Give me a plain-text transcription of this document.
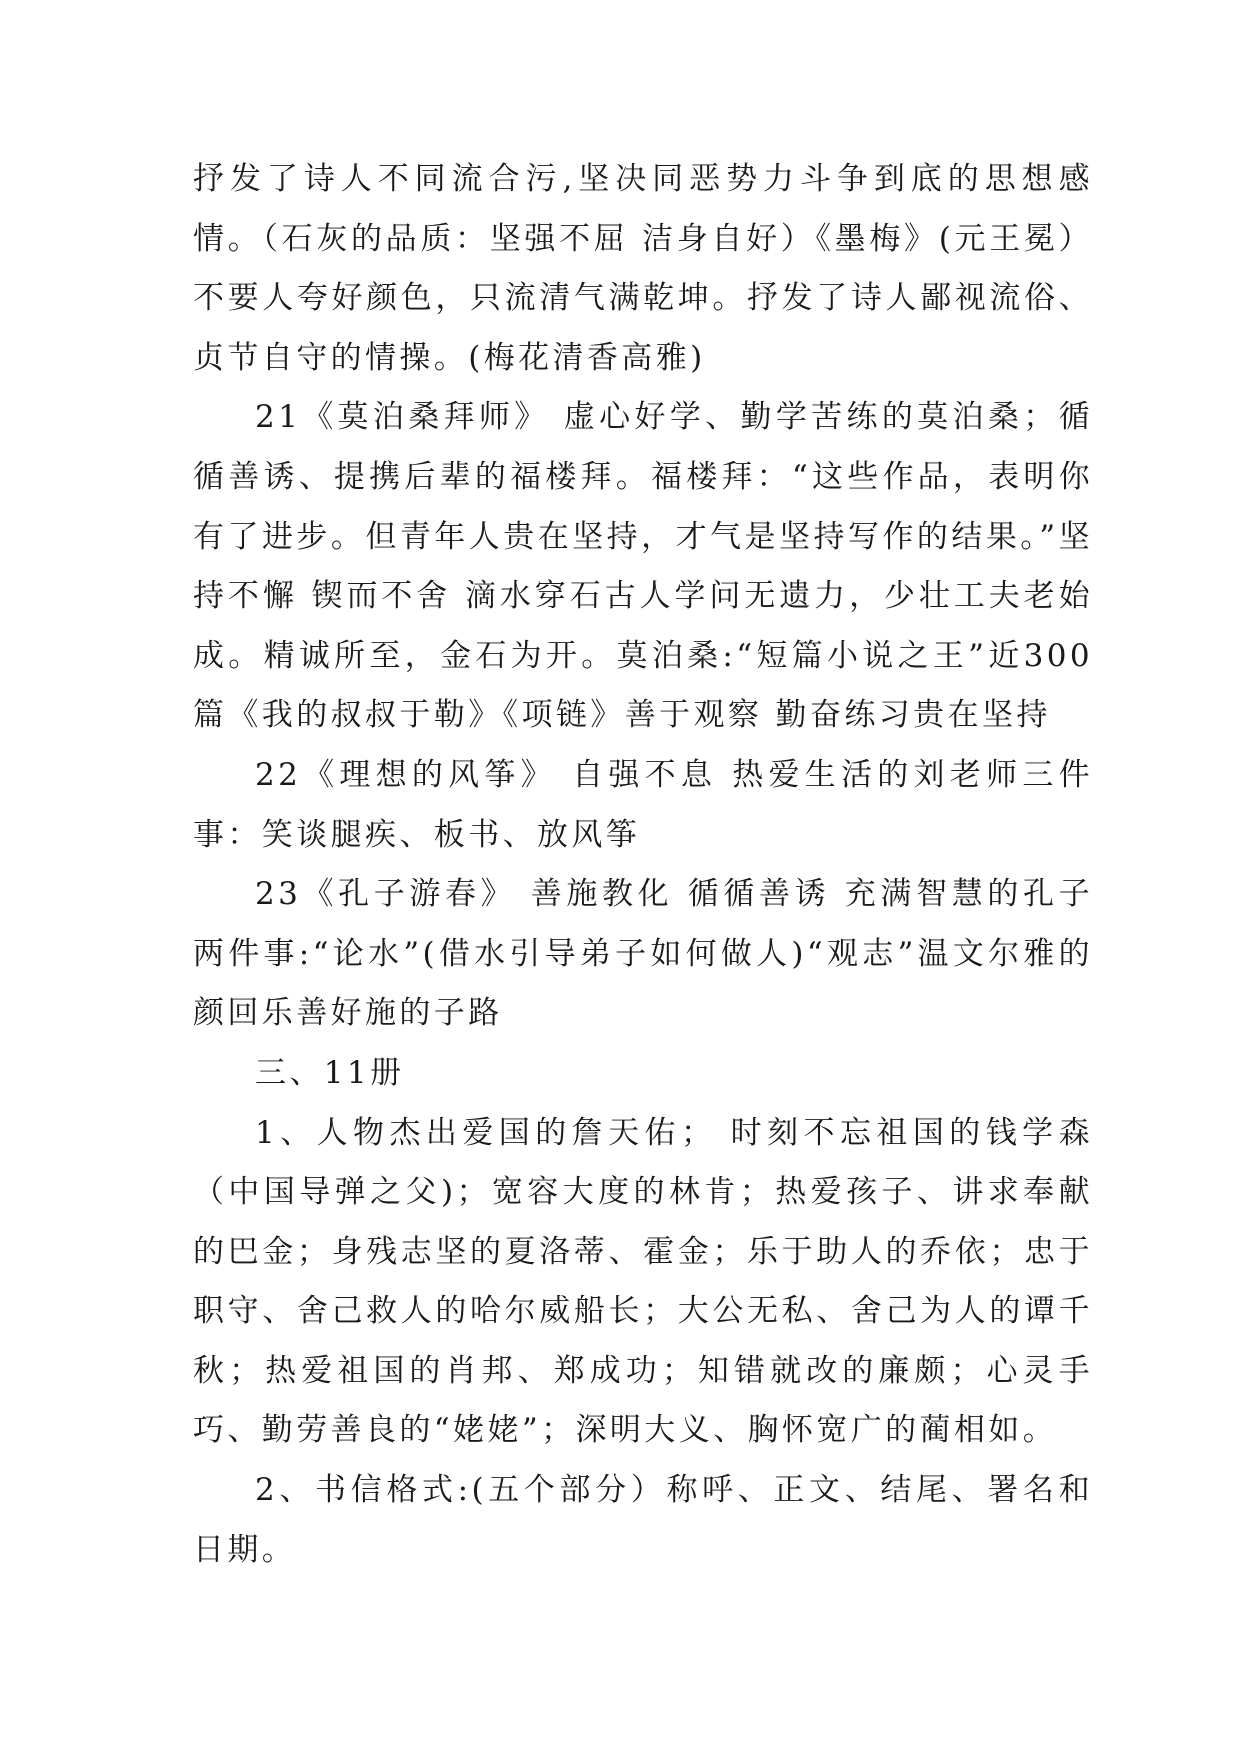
抒发了诗人不同流合污,坚决同恶势力斗争到底的思想感情。（石灰的品质：坚强不屈 洁身自好）《墨梅》(元王冕）不要人夸好颜色，只流清气满乾坤。抒发了诗人鄙视流俗、贞节自守的情操。(梅花清香高雅)

21《莫泊桑拜师》 虚心好学、勤学苦练的莫泊桑；循循善诱、提携后辈的福楼拜。福楼拜：“这些作品，表明你有了进步。但青年人贵在坚持，才气是坚持写作的结果。”坚持不懈 锲而不舍 滴水穿石古人学问无遗力，少壮工夫老始成。精诚所至，金石为开。莫泊桑:“短篇小说之王”近300篇《我的叔叔于勒》《项链》善于观察 勤奋练习贵在坚持

22《理想的风筝》 自强不息 热爱生活的刘老师三件事：笑谈腿疾、板书、放风筝

23《孔子游春》 善施教化 循循善诱 充满智慧的孔子两件事:“论水”(借水引导弟子如何做人)“观志”温文尔雅的颜回乐善好施的子路

三、11册

1、人物杰出爱国的詹天佑； 时刻不忘祖国的钱学森（中国导弹之父)；宽容大度的林肯；热爱孩子、讲求奉献的巴金；身残志坚的夏洛蒂、霍金；乐于助人的乔依；忠于职守、舍己救人的哈尔威船长；大公无私、舍己为人的谭千秋；热爱祖国的肖邦、郑成功；知错就改的廉颇；心灵手巧、勤劳善良的“姥姥”；深明大义、胸怀宽广的蔺相如。

2、书信格式:(五个部分）称呼、正文、结尾、署名和日期。
